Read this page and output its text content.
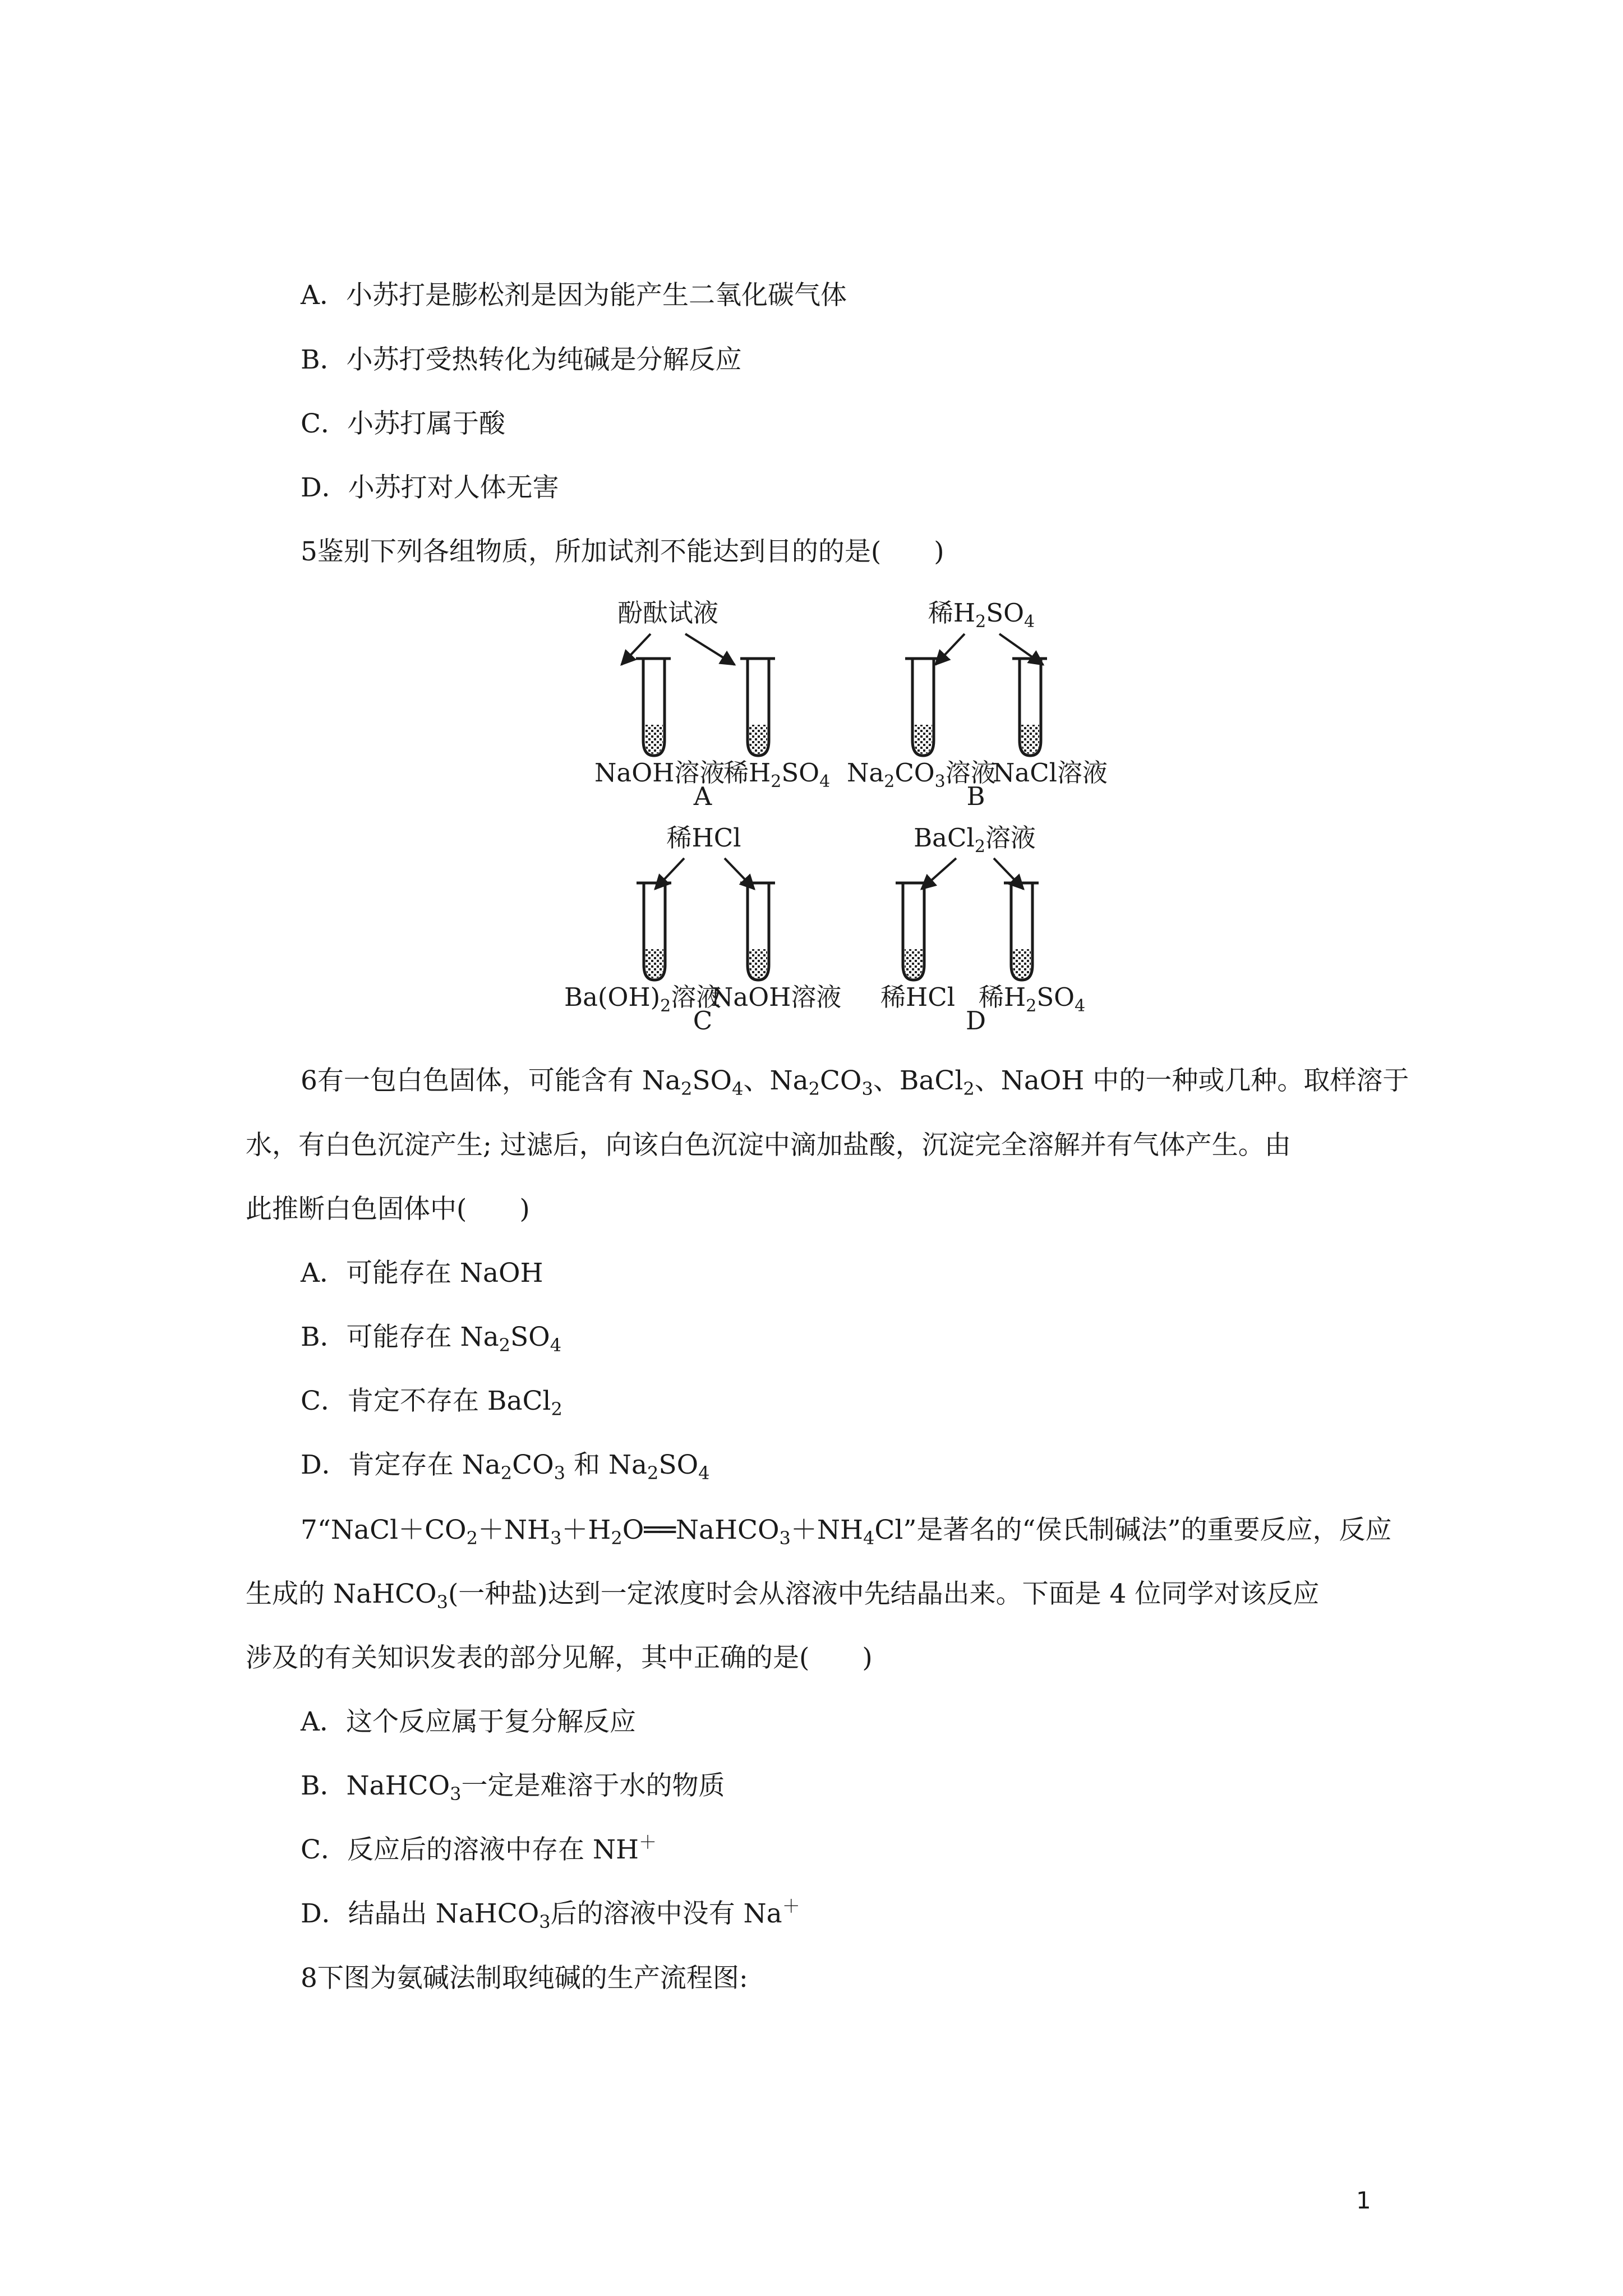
A．小苏打是膨松剂是因为能产生二氧化碳气体
B．小苏打受热转化为纯碱是分解反应
C．小苏打属于酸
D．小苏打对人体无害
5鉴别下列各组物质，所加试剂不能达到目的的是(　　)
酚酞试液
NaOH溶液
稀$H_2SO_4$
A
稀$H_2SO_4$
$Na_2CO_3$溶液
NaCl溶液
B
稀HCl
$Ba(OH)_2$溶液
NaOH溶液
C
BaCl$_2$溶液
稀HCl 稀$H_2SO_4$
D
6有一包白色固体，可能含有 $Na_2SO_4$、$Na_2CO_3$、BaCl$_2$、NaOH 中的一种或几种。取样溶于
水，有白色沉淀产生; 过滤后，向该白色沉淀中滴加盐酸，沉淀完全溶解并有气体产生。由
此推断白色固体中(　　)
A．可能存在 NaOH
B．可能存在 $Na_2SO_4$
C．肯定不存在 BaCl$_2$
D．肯定存在 $Na_2CO_3$ 和 $Na_2SO_4$
$7“NaCl+CO_2+NH_3+H_2O══NaHCO_3+NH_4Cl$”是著名的“侯氏制碱法”的重要反应，反应
生成的 NaHCO$_3$(一种盐)达到一定浓度时会从溶液中先结晶出来。下面是 4 位同学对该反应
涉及的有关知识发表的部分见解，其中正确的是(　　)
A．这个反应属于复分解反应
B．NaHCO$_3$一定是难溶于水的物质
C．反应后的溶液中存在 NH＋
D．结晶出 NaHCO$_3$后的溶液中没有 Na＋
8下图为氨碱法制取纯碱的生产流程图:
1
